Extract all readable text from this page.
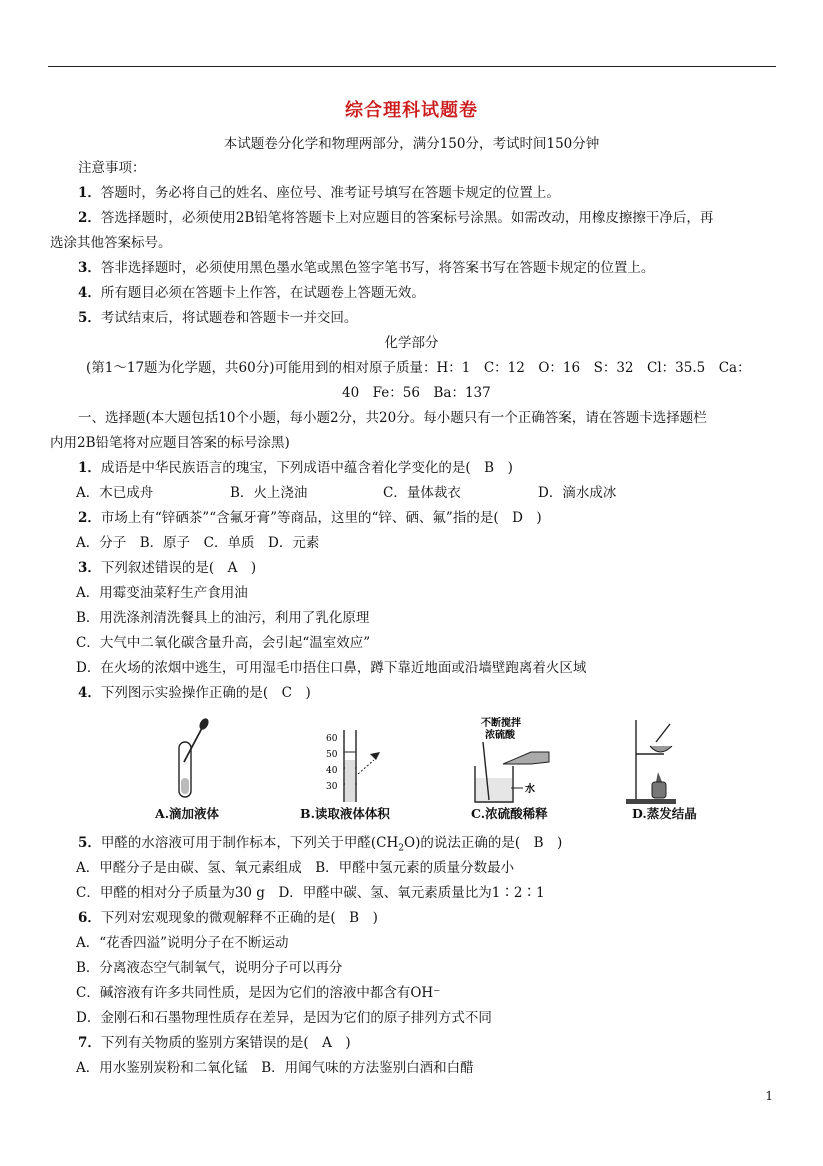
综合理科试题卷
本试题卷分化学和物理两部分，满分150分，考试时间150分钟
注意事项：
1．答题时，务必将自己的姓名、座位号、准考证号填写在答题卡规定的位置上。
2．答选择题时，必须使用2B铅笔将答题卡上对应题目的答案标号涂黑。如需改动，用橡皮擦擦干净后，再
选涂其他答案标号。
3．答非选择题时，必须使用黑色墨水笔或黑色签字笔书写，将答案书写在答题卡规定的位置上。
4．所有题目必须在答题卡上作答，在试题卷上答题无效。
5．考试结束后，将试题卷和答题卡一并交回。
化学部分
(第1～17题为化学题，共60分)可能用到的相对原子质量：H：1　C：12　O：16　S：32　Cl：35.5　Ca：
40　Fe：56　Ba：137
一、选择题(本大题包括10个小题，每小题2分，共20分。每小题只有一个正确答案，请在答题卡选择题栏
内用2B铅笔将对应题目答案的标号涂黑)
1．成语是中华民族语言的瑰宝，下列成语中蕴含着化学变化的是(　B　)
A．木已成舟	B．火上浇油	C．量体裁衣	D．滴水成冰
2．市场上有“锌硒茶”“含氟牙膏”等商品，这里的“锌、硒、氟”指的是(　D　)
A．分子　B．原子　C．单质　D．元素
3．下列叙述错误的是(　A　)
A．用霉变油菜籽生产食用油
B．用洗涤剂清洗餐具上的油污，利用了乳化原理
C．大气中二氧化碳含量升高，会引起“温室效应”
D．在火场的浓烟中逃生，可用湿毛巾捂住口鼻，蹲下靠近地面或沿墙壁跑离着火区域
4．下列图示实验操作正确的是(　C　)
A.滴加液体
60
50
40
30
B.读取液体体积
不断搅拌
浓硫酸
水
C.浓硫酸稀释	D.蒸发结晶
5．甲醛的水溶液可用于制作标本，下列关于甲醛$(CH_2O)$的说法正确的是(　B　)
A．甲醛分子是由碳、氢、氧元素组成　B．甲醛中氢元素的质量分数最小
C．甲醛的相对分子质量为30 g　D．甲醛中碳、氢、氧元素质量比为1∶2∶1
6．下列对宏观现象的微观解释不正确的是(　B　)
A．“花香四溢”说明分子在不断运动
B．分离液态空气制氧气，说明分子可以再分
C．碱溶液有许多共同性质，是因为它们的溶液中都含有OH⁻
D．金刚石和石墨物理性质存在差异，是因为它们的原子排列方式不同
7．下列有关物质的鉴别方案错误的是(　A　)
A．用水鉴别炭粉和二氧化锰　B．用闻气味的方法鉴别白酒和白醋
1
